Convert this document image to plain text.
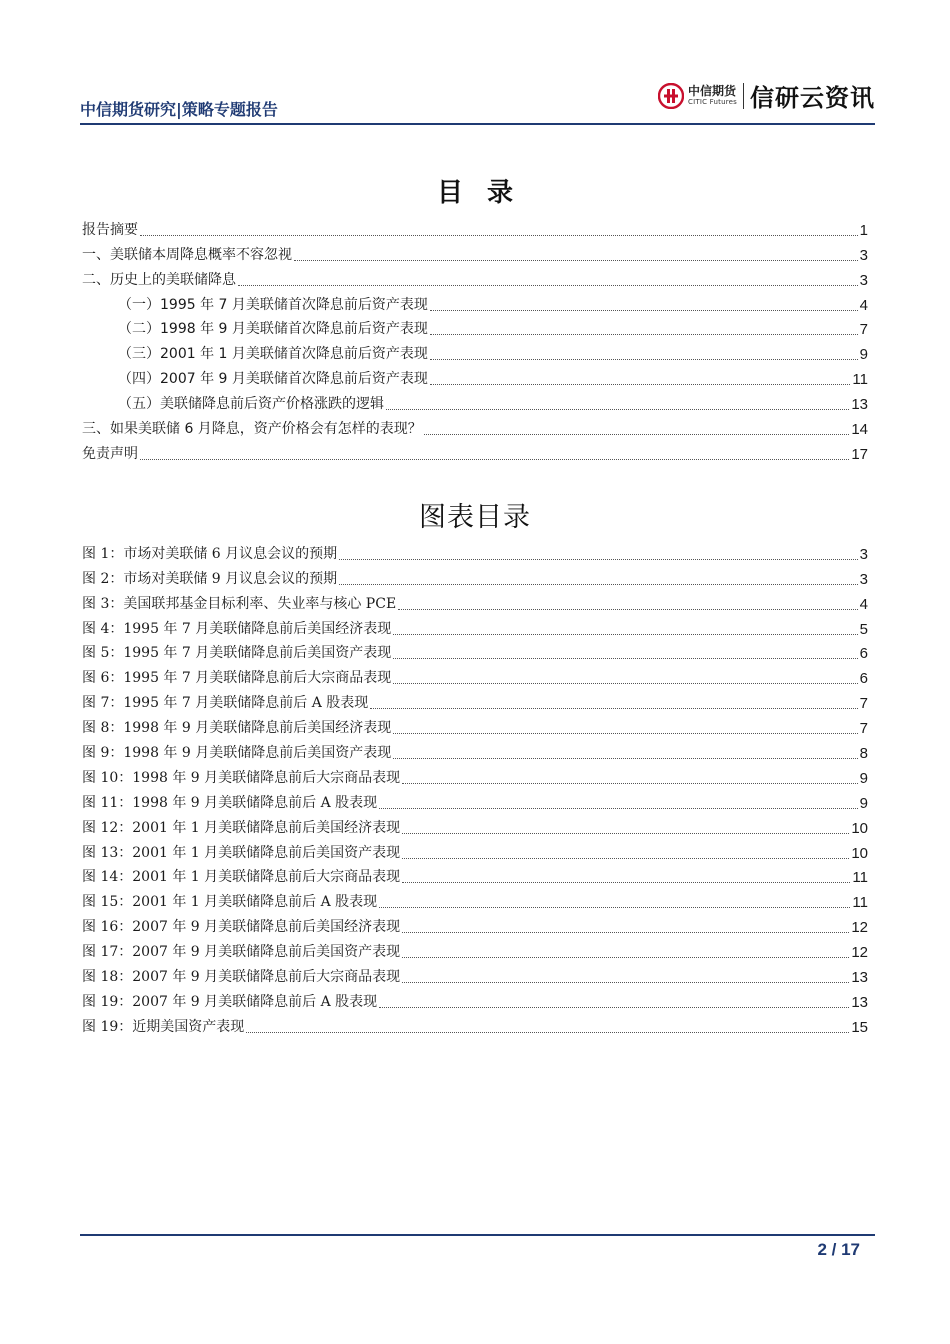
中信期货研究|策略专题报告
中信期货
CITIC Futures 信研云资讯
目录
报告摘要	1
一、美联储本周降息概率不容忽视	3
二、历史上的美联储降息	3
（一）1995 年 7 月美联储首次降息前后资产表现	4
（二）1998 年 9 月美联储首次降息前后资产表现	7
（三）2001 年 1 月美联储首次降息前后资产表现	9
（四）2007 年 9 月美联储首次降息前后资产表现	11
（五）美联储降息前后资产价格涨跌的逻辑	13
三、如果美联储 6 月降息，资产价格会有怎样的表现？	14
免责声明	17
图表目录
图 1：市场对美联储 6 月议息会议的预期	3
图 2：市场对美联储 9 月议息会议的预期	3
图 3：美国联邦基金目标利率、失业率与核心 PCE	4
图 4：1995 年 7 月美联储降息前后美国经济表现	5
图 5：1995 年 7 月美联储降息前后美国资产表现	6
图 6：1995 年 7 月美联储降息前后大宗商品表现	6
图 7：1995 年 7 月美联储降息前后 A 股表现	7
图 8：1998 年 9 月美联储降息前后美国经济表现	7
图 9：1998 年 9 月美联储降息前后美国资产表现	8
图 10：1998 年 9 月美联储降息前后大宗商品表现	9
图 11：1998 年 9 月美联储降息前后 A 股表现	9
图 12：2001 年 1 月美联储降息前后美国经济表现	10
图 13：2001 年 1 月美联储降息前后美国资产表现	10
图 14：2001 年 1 月美联储降息前后大宗商品表现	11
图 15：2001 年 1 月美联储降息前后 A 股表现	11
图 16：2007 年 9 月美联储降息前后美国经济表现	12
图 17：2007 年 9 月美联储降息前后美国资产表现	12
图 18：2007 年 9 月美联储降息前后大宗商品表现	13
图 19：2007 年 9 月美联储降息前后 A 股表现	13
图 19：近期美国资产表现	15
2 / 17
